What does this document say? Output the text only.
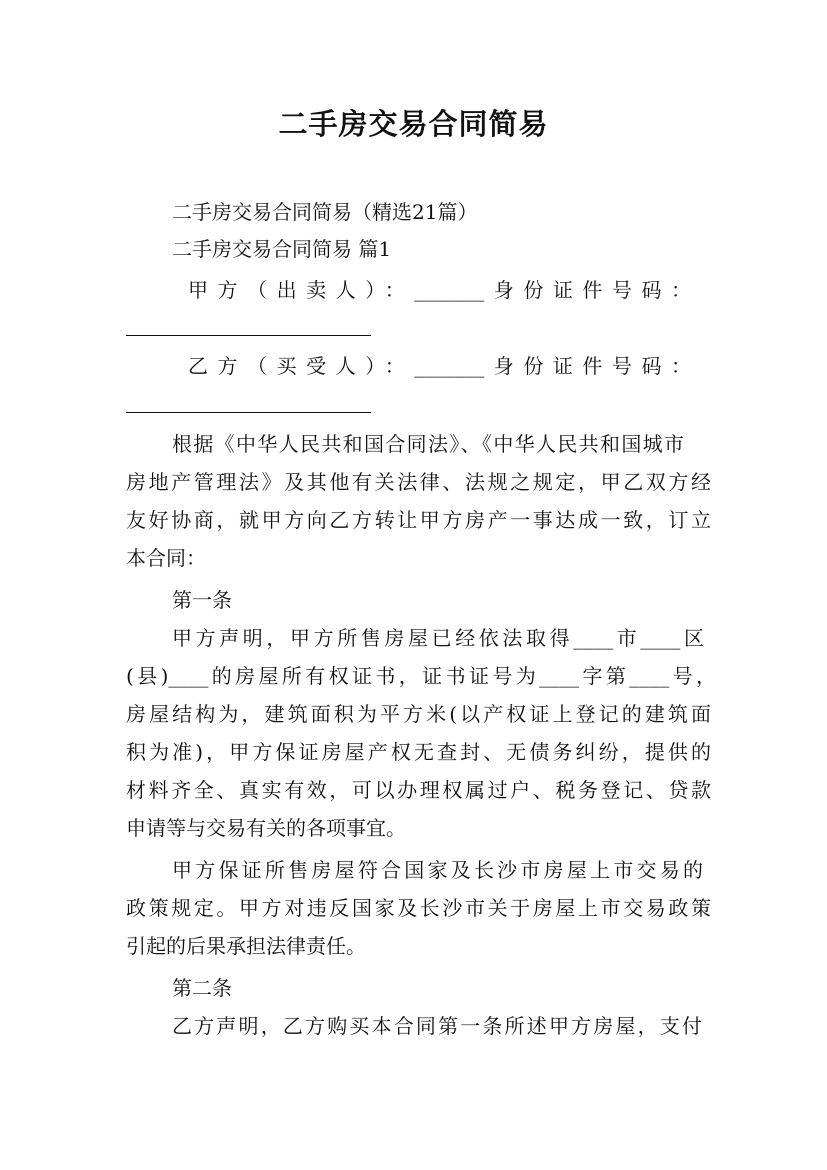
二手房交易合同简易
二手房交易合同简易（精选21篇）
二手房交易合同简易 篇1
甲方（出卖人）：_______身份证件号码：
乙方（买受人）：_______身份证件号码：
根据《中华人民共和国合同法》、《中华人民共和国城市
房地产管理法》及其他有关法律、法规之规定，甲乙双方经
友好协商，就甲方向乙方转让甲方房产一事达成一致，订立
本合同：
第一条
甲方声明，甲方所售房屋已经依法取得____市____区
(县)____的房屋所有权证书，证书证号为____字第____号，
房屋结构为，建筑面积为平方米(以产权证上登记的建筑面
积为准)，甲方保证房屋产权无查封、无债务纠纷，提供的
材料齐全、真实有效，可以办理权属过户、税务登记、贷款
申请等与交易有关的各项事宜。
甲方保证所售房屋符合国家及长沙市房屋上市交易的
政策规定。甲方对违反国家及长沙市关于房屋上市交易政策
引起的后果承担法律责任。
第二条
乙方声明，乙方购买本合同第一条所述甲方房屋，支付
